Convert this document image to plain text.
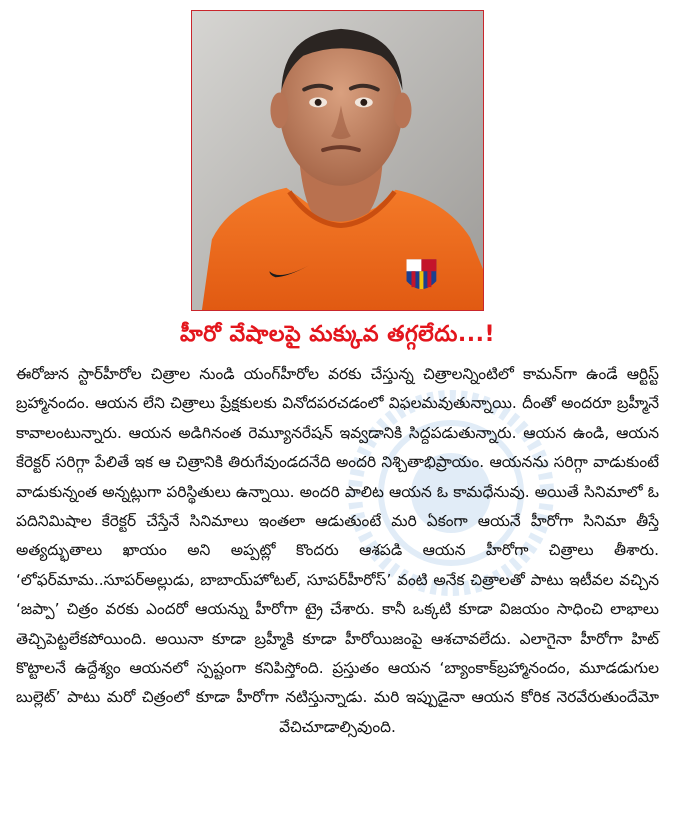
హీరో వేషాలపై మక్కువ తగ్గలేదు...!
ఈరోజున స్టార్‌హీరోల చిత్రాల నుండి యంగ్‌హీరోల వరకు చేస్తున్న చిత్రాలన్నింటిలో కామన్‌గా ఉండే ఆర్టిస్ట్ బ్రహ్మానందం. ఆయన లేని చిత్రాలు ప్రేక్షకులకు వినోదపరచడంలో విఫలమవుతున్నాయి. దీంతో అందరూ బ్రహ్మీనే కావాలంటున్నారు. ఆయన అడిగినంత రెమ్యూనరేషన్ ఇవ్వడానికి సిద్దపడుతున్నారు. ఆయన ఉండి, ఆయన కేరెక్టర్ సరిగ్గా పేలితే ఇక ఆ చిత్రానికి తిరుగేవుండదనేది అందరి నిశ్చితాభిప్రాయం. ఆయనను సరిగ్గా వాడుకుంటే వాడుకున్నంత అన్నట్లుగా పరిస్థితులు ఉన్నాయి. అందరి పాలిట ఆయన ఓ కామధేనువు. అయితే సినిమాలో ఓ పదినిమిషాల కేరెక్టర్ చేస్తేనే సినిమాలు ఇంతలా ఆడుతుంటే మరి ఏకంగా ఆయనే హీరోగా సినిమా తీస్తే అత్యద్భుతాలు ఖాయం అని అప్పట్లో కొందరు ఆశపడి ఆయన హీరోగా చిత్రాలు తీశారు. ‘లోఫర్‌మామ..సూపర్‌అల్లుడు, బాబాయ్‌హోటల్, సూపర్‌హీరోస్’ వంటి అనేక చిత్రాలతో పాటు ఇటీవల వచ్చిన ‘జప్పా’ చిత్రం వరకు ఎందరో ఆయన్ను హీరోగా ట్రై చేశారు. కానీ ఒక్కటి కూడా విజయం సాధించి లాభాలు తెచ్చిపెట్టలేకపోయింది. అయినా కూడా బ్రహ్మీకి కూడా హీరోయిజంపై ఆశచావలేదు. ఎలాగైనా హీరోగా హిట్ కొట్టాలనే ఉద్దేశ్యం ఆయనలో స్పష్టంగా కనిపిస్తోంది. ప్రస్తుతం ఆయన ‘బ్యాంకాక్‌బ్రహ్మానందం, మూడడుగుల బుల్లెట్’ పాటు మరో చిత్రంలో కూడా హీరోగా నటిస్తున్నాడు. మరి ఇప్పుడైనా ఆయన కోరిక నెరవేరుతుందేమో వేచిచూడాల్సివుంది.
